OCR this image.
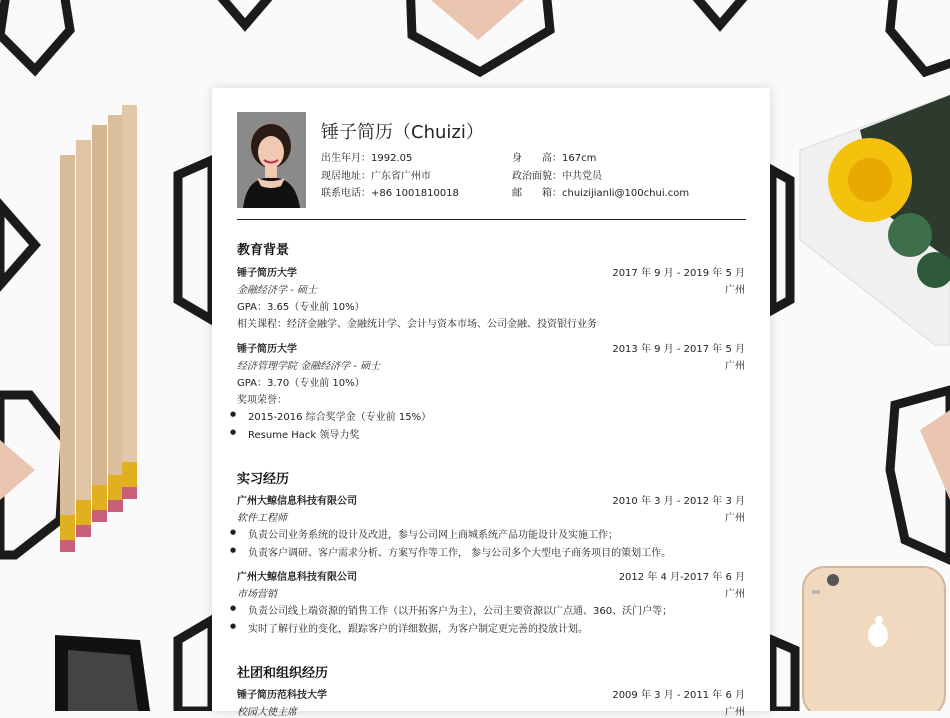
锤子简历（Chuizi）
出生年月：1992.05
现居地址：广东省广州市
联系电话：+86 1001810018
身　　高：167cm
政治面貌：中共党员
邮　　箱：chuizijianli@100chui.com
教育背景
锤子简历大学	2017 年 9 月 - 2019 年 5 月
金融经济学 - 硕士	广州
GPA：3.65（专业前 10%）
相关课程：经济金融学、金融统计学、会计与资本市场、公司金融、投资银行业务
锤子简历大学	2013 年 9 月 - 2017 年 5 月
经济管理学院 金融经济学 - 硕士	广州
GPA：3.70（专业前 10%）
奖项荣誉：
● 2015-2016 综合奖学金（专业前 15%）
● Resume Hack 领导力奖
实习经历
广州大鲸信息科技有限公司	2010 年 3 月 - 2012 年 3 月
软件工程师	广州
● 负责公司业务系统的设计及改进，参与公司网上商城系统产品功能设计及实施工作；
● 负责客户调研、客户需求分析、方案写作等工作， 参与公司多个大型电子商务项目的策划工作。
广州大鲸信息科技有限公司	2012 年 4 月-2017 年 6 月
市场营销	广州
● 负责公司线上端资源的销售工作（以开拓客户为主），公司主要资源以广点通、360、沃门户等；
● 实时了解行业的变化，跟踪客户的详细数据，为客户制定更完善的投放计划。
社团和组织经历
锤子简历范科技大学	2009 年 3 月 - 2011 年 6 月
校园大使主席	广州
